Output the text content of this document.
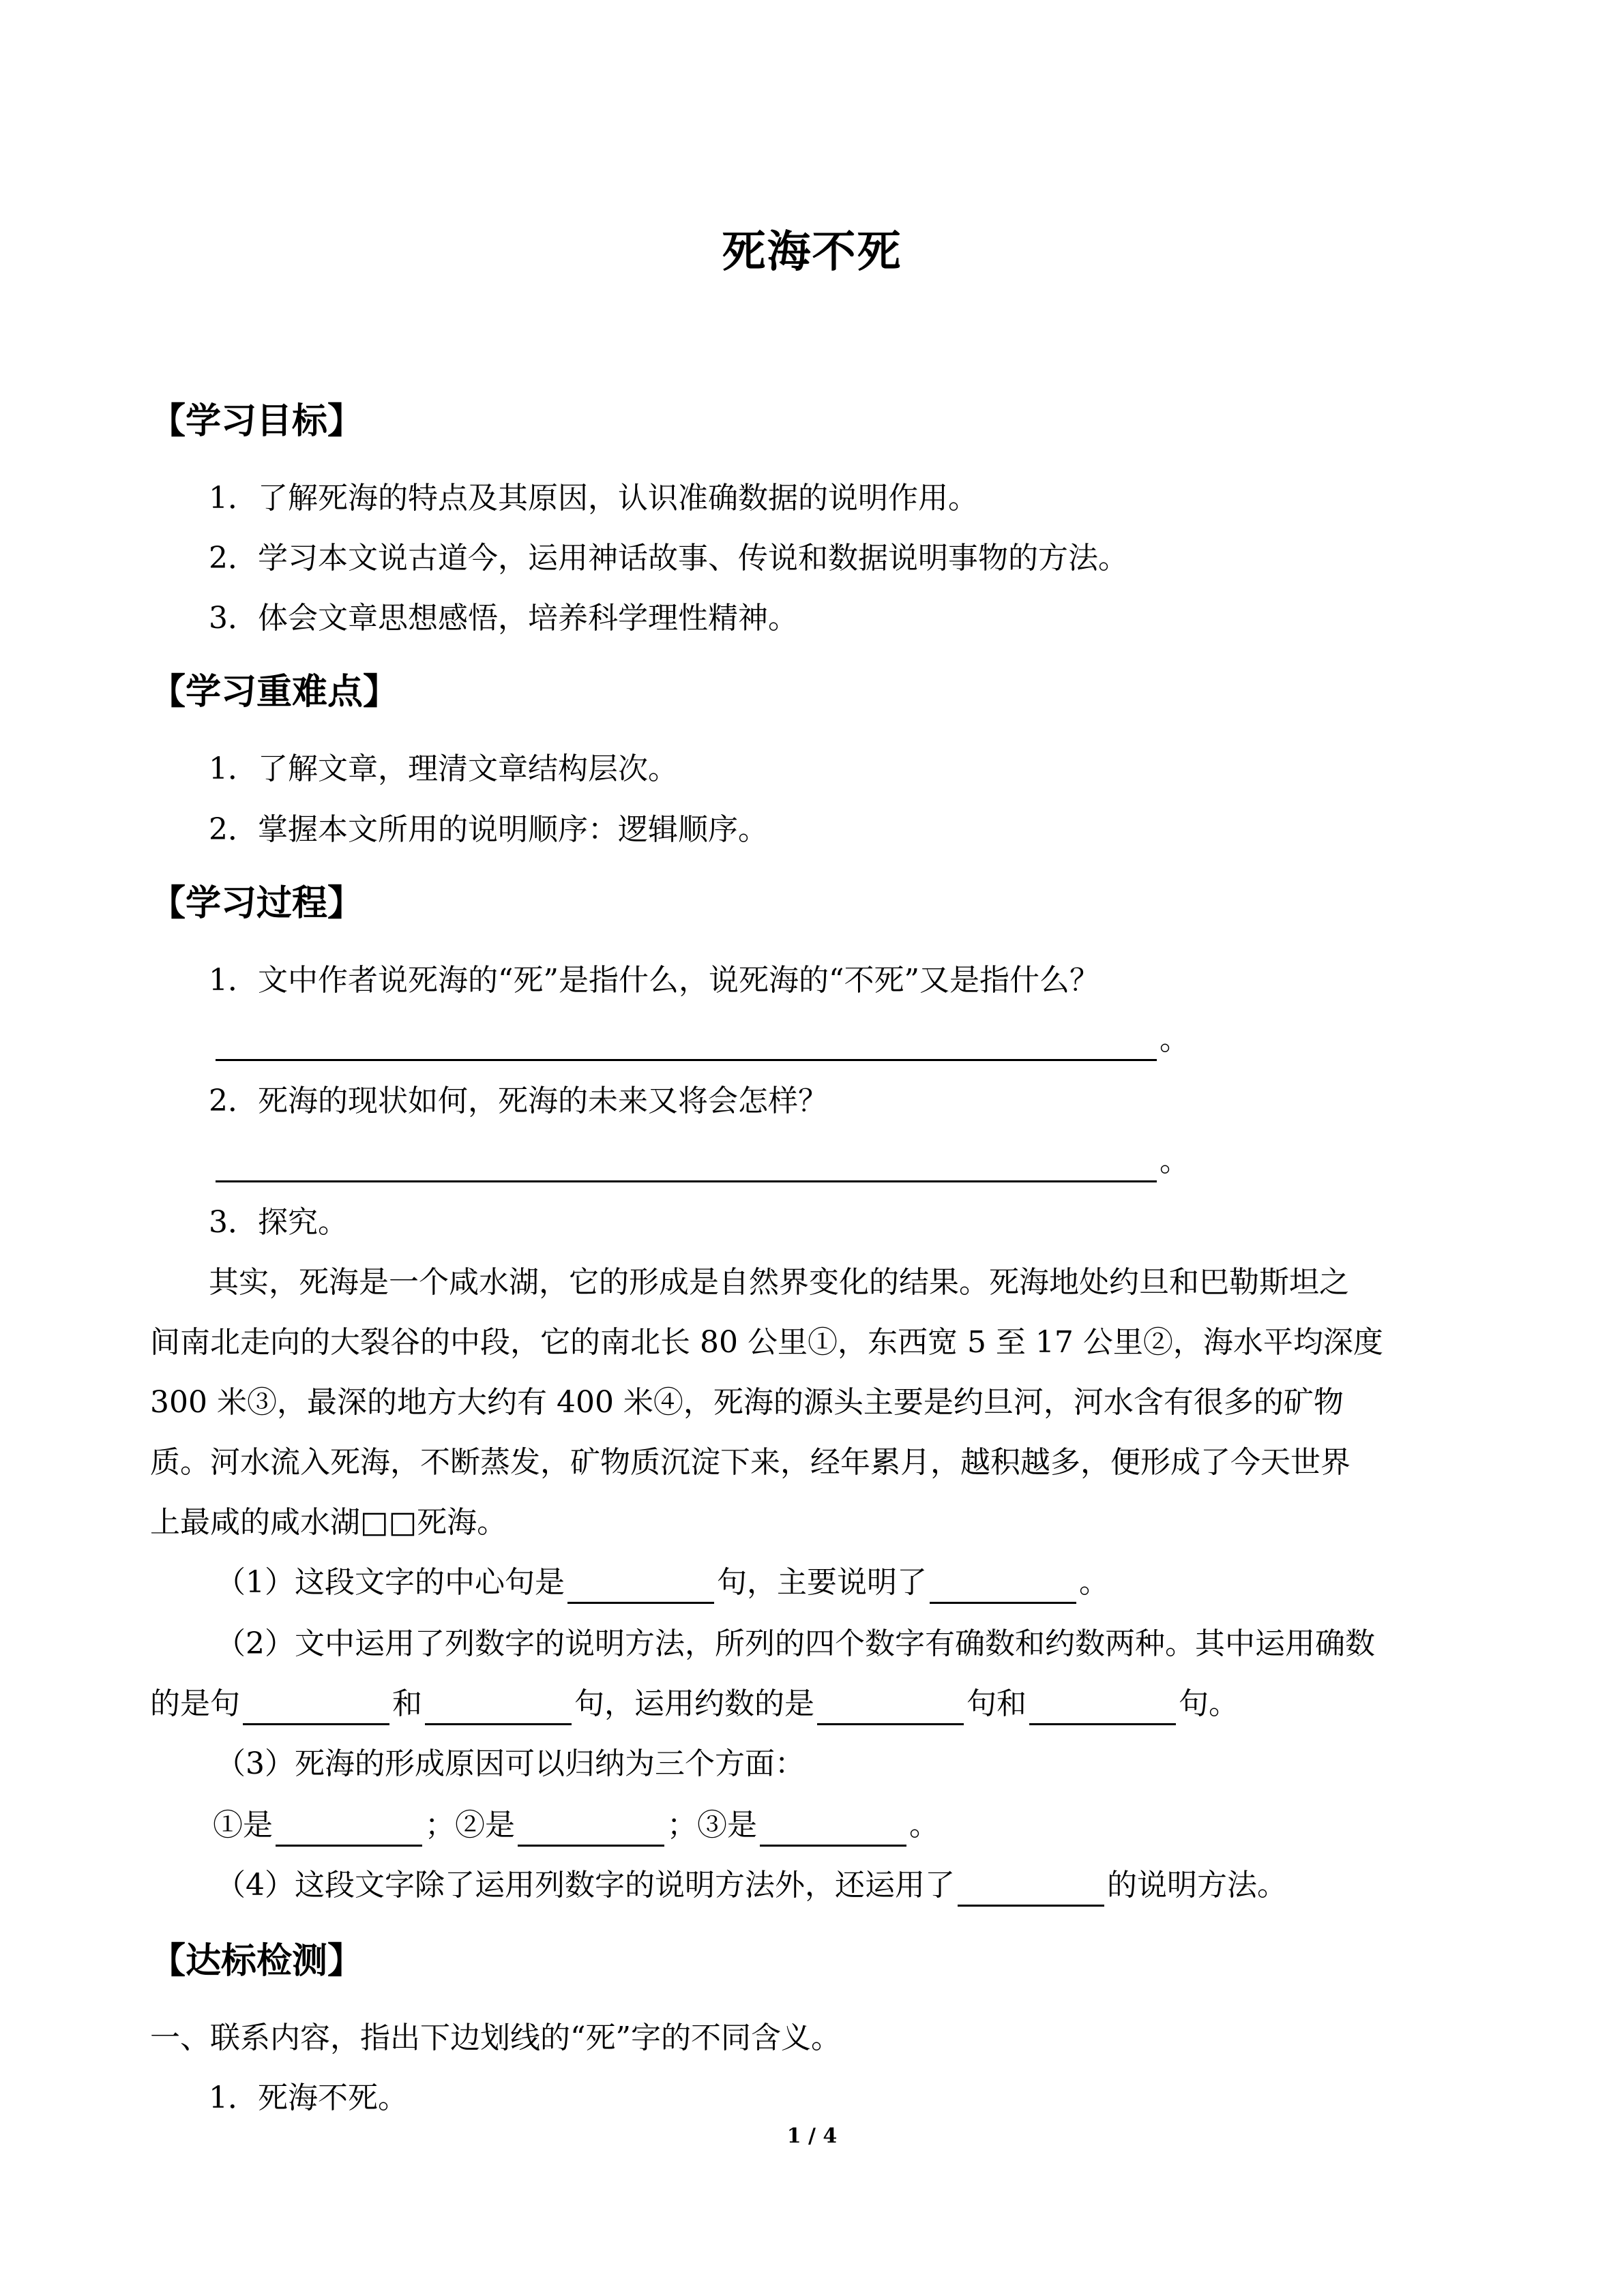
死海不死
【学习目标】
1．了解死海的特点及其原因，认识准确数据的说明作用。
2．学习本文说古道今，运用神话故事、传说和数据说明事物的方法。
3．体会文章思想感悟，培养科学理性精神。
【学习重难点】
1．了解文章，理清文章结构层次。
2．掌握本文所用的说明顺序：逻辑顺序。
【学习过程】
1．文中作者说死海的“死”是指什么，说死海的“不死”又是指什么？
。
2．死海的现状如何，死海的未来又将会怎样？
。
3．探究。
其实，死海是一个咸水湖，它的形成是自然界变化的结果。死海地处约旦和巴勒斯坦之
间南北走向的大裂谷的中段，它的南北长 80 公里①，东西宽 5 至 17 公里②，海水平均深度
300 米③，最深的地方大约有 400 米④，死海的源头主要是约旦河，河水含有很多的矿物
质。河水流入死海，不断蒸发，矿物质沉淀下来，经年累月，越积越多，便形成了今天世界
上最咸的咸水湖□□死海。
（1）这段文字的中心句是	句，主要说明了	。
（2）文中运用了列数字的说明方法，所列的四个数字有确数和约数两种。其中运用确数
的是句	和	句，运用约数的是	句和	句。
（3）死海的形成原因可以归纳为三个方面：
①是	；②是	；③是	。
（4）这段文字除了运用列数字的说明方法外，还运用了	的说明方法。
【达标检测】
一、联系内容，指出下边划线的“死”字的不同含义。
1．死海不死。
1 / 4
